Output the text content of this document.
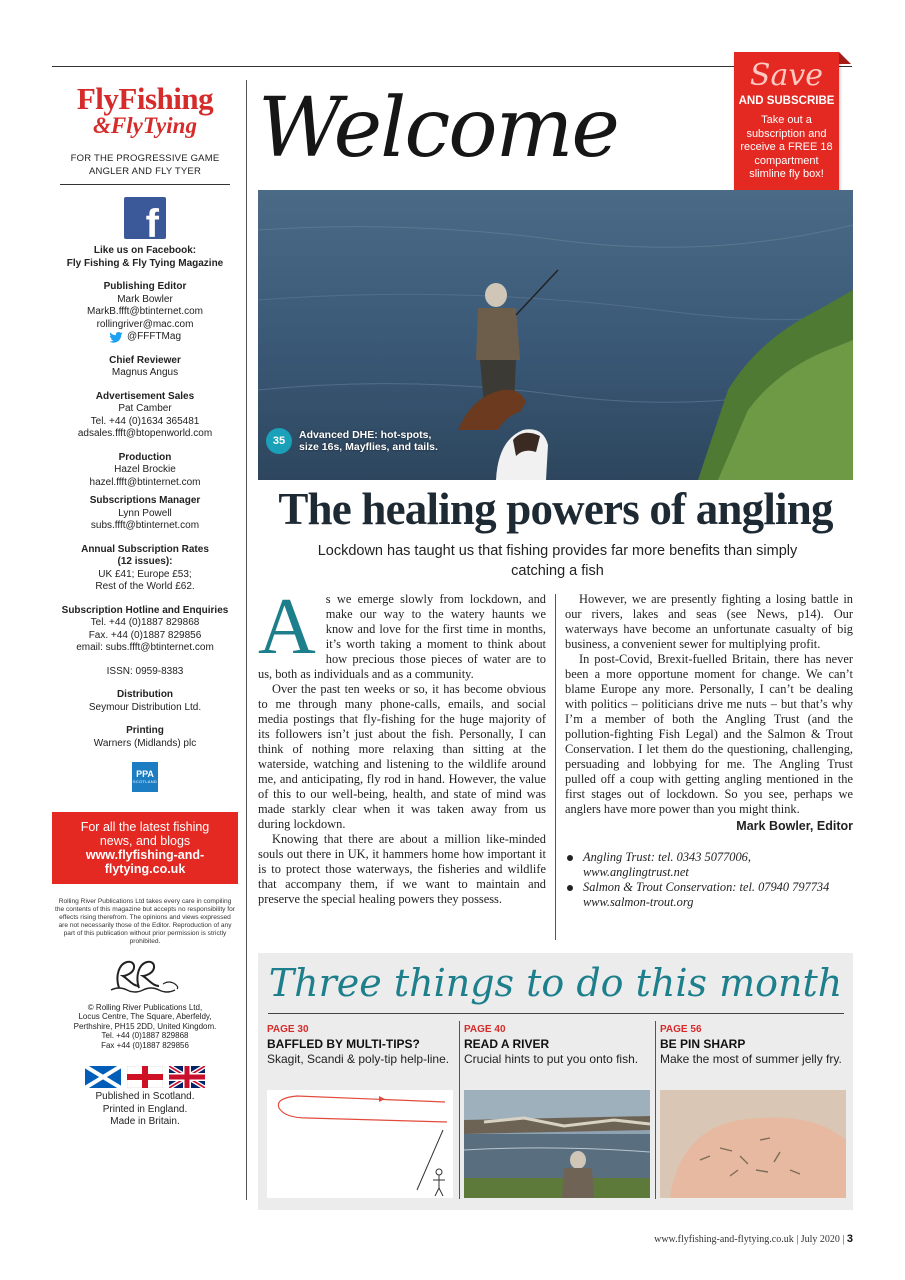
FlyFishing
&FlyTying
FOR THE PROGRESSIVE GAME ANGLER AND FLY TYER
f
Like us on Facebook:
Fly Fishing & Fly Tying Magazine
Publishing Editor
Mark Bowler
MarkB.ffft@btinternet.com
rollingriver@mac.com
@FFFTMag
Chief Reviewer
Magnus Angus
Advertisement Sales
Pat Camber
Tel. +44 (0)1634 365481
adsales.ffft@btopenworld.com
Production
Hazel Brockie
hazel.ffft@btinternet.com
Subscriptions Manager
Lynn Powell
subs.ffft@btinternet.com
Annual Subscription Rates
(12 issues):
UK £41; Europe £53;
Rest of the World £62.
Subscription Hotline and Enquiries
Tel. +44 (0)1887 829868
Fax. +44 (0)1887 829856
email: subs.ffft@btinternet.com
ISSN: 0959-8383
Distribution
Seymour Distribution Ltd.
Printing
Warners (Midlands) plc
PPA
SCOTLAND
For all the latest fishing
news, and blogs
www.flyfishing-and-
flytying.co.uk
Rolling River Publications Ltd takes every care in compiling the contents of this magazine but accepts no responsibility for effects rising therefrom. The opinions and views expressed are not necessarily those of the Editor. Reproduction of any part of this publication without prior permission is strictly prohibited.
© Rolling River Publications Ltd,
Locus Centre, The Square, Aberfeldy,
Perthshire, PH15 2DD, United Kingdom.
Tel. +44 (0)1887 829868
Fax +44 (0)1887 829856
Published in Scotland.
Printed in England.
Made in Britain.
Welcome
Save
AND SUBSCRIBE
Take out a subscription and receive a FREE 18 compartment slimline fly box!
35
Advanced DHE: hot-spots, size 16s, Mayflies, and tails.
The healing powers of angling
Lockdown has taught us that fishing provides far more benefits than simply catching a fish

As we emerge slowly from lockdown, and make our way to the watery haunts we know and love for the first time in months, it’s worth taking a moment to think about how precious those pieces of water are to us, both as individuals and as a community.

Over the past ten weeks or so, it has become obvious to me through many phone-calls, emails, and social media postings that fly-fishing for the huge majority of its followers isn’t just about the fish. Personally, I can think of nothing more relaxing than sitting at the waterside, watching and listening to the wildlife around me, and anticipating, fly rod in hand. However, the value of this to our well-being, health, and state of mind was made starkly clear when it was taken away from us during lockdown.

Knowing that there are about a million like-minded souls out there in UK, it hammers home how important it is to protect those waterways, the fisheries and wildlife that accompany them, if we want to maintain and preserve the special healing powers they possess.

However, we are presently fighting a losing battle in our rivers, lakes and seas (see News, p14). Our waterways have become an unfortunate casualty of big business, a convenient sewer for multiplying profit.

In post-Covid, Brexit-fuelled Britain, there has never been a more opportune moment for change. We can’t blame Europe any more. Personally, I can’t be dealing with politics – politicians drive me nuts – but that’s why I’m a member of both the Angling Trust (and the pollution-fighting Fish Legal) and the Salmon & Trout Conservation. I let them do the questioning, challenging, persuading and lobbying for me. The Angling Trust pulled off a coup with getting angling mentioned in the first stages out of lockdown. So you see, perhaps we anglers have more power than you might think.

Mark Bowler, Editor
Angling Trust: tel. 0343 5077006,
www.anglingtrust.net
Salmon & Trout Conservation: tel. 07940 797734
www.salmon-trout.org
Three things to do this month
PAGE 30
BAFFLED BY MULTI-TIPS?
Skagit, Scandi & poly-tip help-line.
PAGE 40
READ A RIVER
Crucial hints to put you onto fish.
PAGE 56
BE PIN SHARP
Make the most of summer jelly fry.
www.flyfishing-and-flytying.co.uk | July 2020 | 3
